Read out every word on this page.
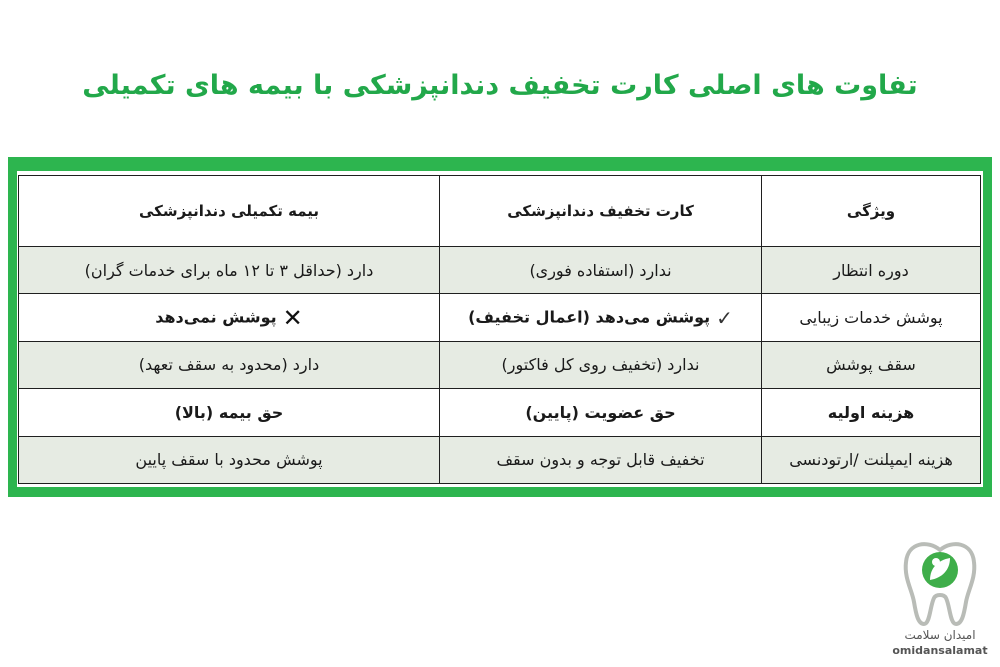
تفاوت های اصلی کارت تخفیف دندانپزشکی با بیمه های تکمیلی
ویژگی	کارت تخفیف دندانپزشکی	بیمه تکمیلی دندانپزشکی
دوره انتظار	ندارد (استفاده فوری)	دارد (حداقل ۳ تا ۱۲ ماه برای خدمات گران)
پوشش خدمات زیبایی	✓پوشش می‌دهد (اعمال تخفیف)	✕پوشش نمی‌دهد
سقف پوشش	ندارد (تخفیف روی کل فاکتور)	دارد (محدود به سقف تعهد)
هزینه اولیه	حق عضویت (پایین)	حق بیمه (بالا)
هزینه ایمپلنت /ارتودنسی	تخفیف قابل توجه و بدون سقف	پوشش محدود با سقف پایین
امیدان سلامت
omidansalamat
